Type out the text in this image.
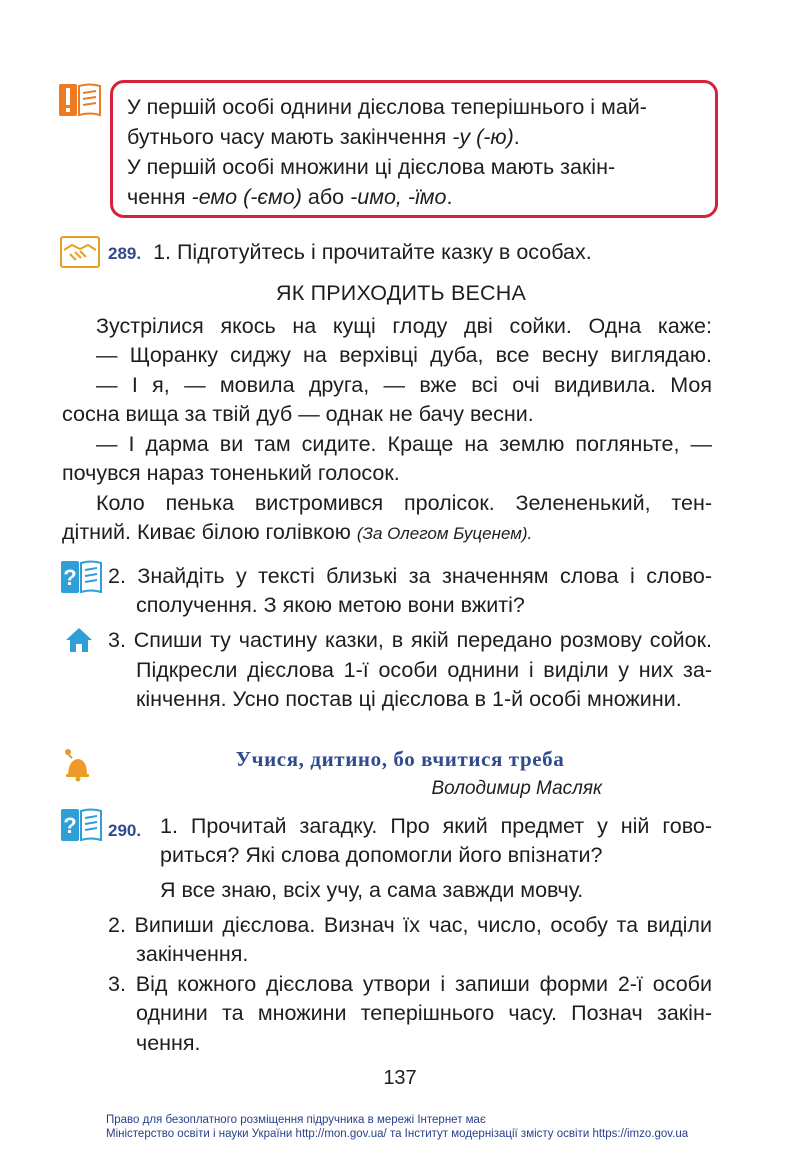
У першій особі однини дієслова теперішнього і май-
бутнього часу мають закінчення -у (-ю).
У першій особі множини ці дієслова мають закін-
чення -емо (-ємо) або -имо, -їмо.
289. 1. Підготуйтесь і прочитайте казку в особах.
ЯК ПРИХОДИТЬ ВЕСНА
Зустрілися якось на кущі глоду дві сойки. Одна каже:
— Щоранку сиджу на верхівці дуба, все весну виглядаю.
— І я, — мовила друга, — вже всі очі видивила. Моя
сосна вища за твій дуб — однак не бачу весни.
— І дарма ви там сидите. Краще на землю погляньте, —
почувся нараз тоненький голосок.
Коло пенька вистромився пролісок. Зелененький, тен-
дітний. Киває білою голівкою (За Олегом Буценем).
? 2. Знайдіть у тексті близькі за значенням слова і слово-
сполучення. З якою метою вони вжиті?
3. Спиши ту частину казки, в якій передано розмову сойок.
Підкресли дієслова 1-ї особи однини і виділи у них за-
кінчення. Усно постав ці дієслова в 1-й особі множини.
Учися, дитино, бо вчитися треба
Володимир Масляк
? 290. 1. Прочитай загадку. Про який предмет у ній гово-
риться? Які слова допомогли його впізнати?
Я все знаю, всіх учу, а сама завжди мовчу.
2. Випиши дієслова. Визнач їх час, число, особу та виділи
закінчення.
3. Від кожного дієслова утвори і запиши форми 2-ї особи
однини та множини теперішнього часу. Познач закін-
чення.
137
Право для безоплатного розміщення підручника в мережі Інтернет має
Міністерство освіти і науки України http://mon.gov.ua/ та Інститут модернізації змісту освіти https://imzo.gov.ua
